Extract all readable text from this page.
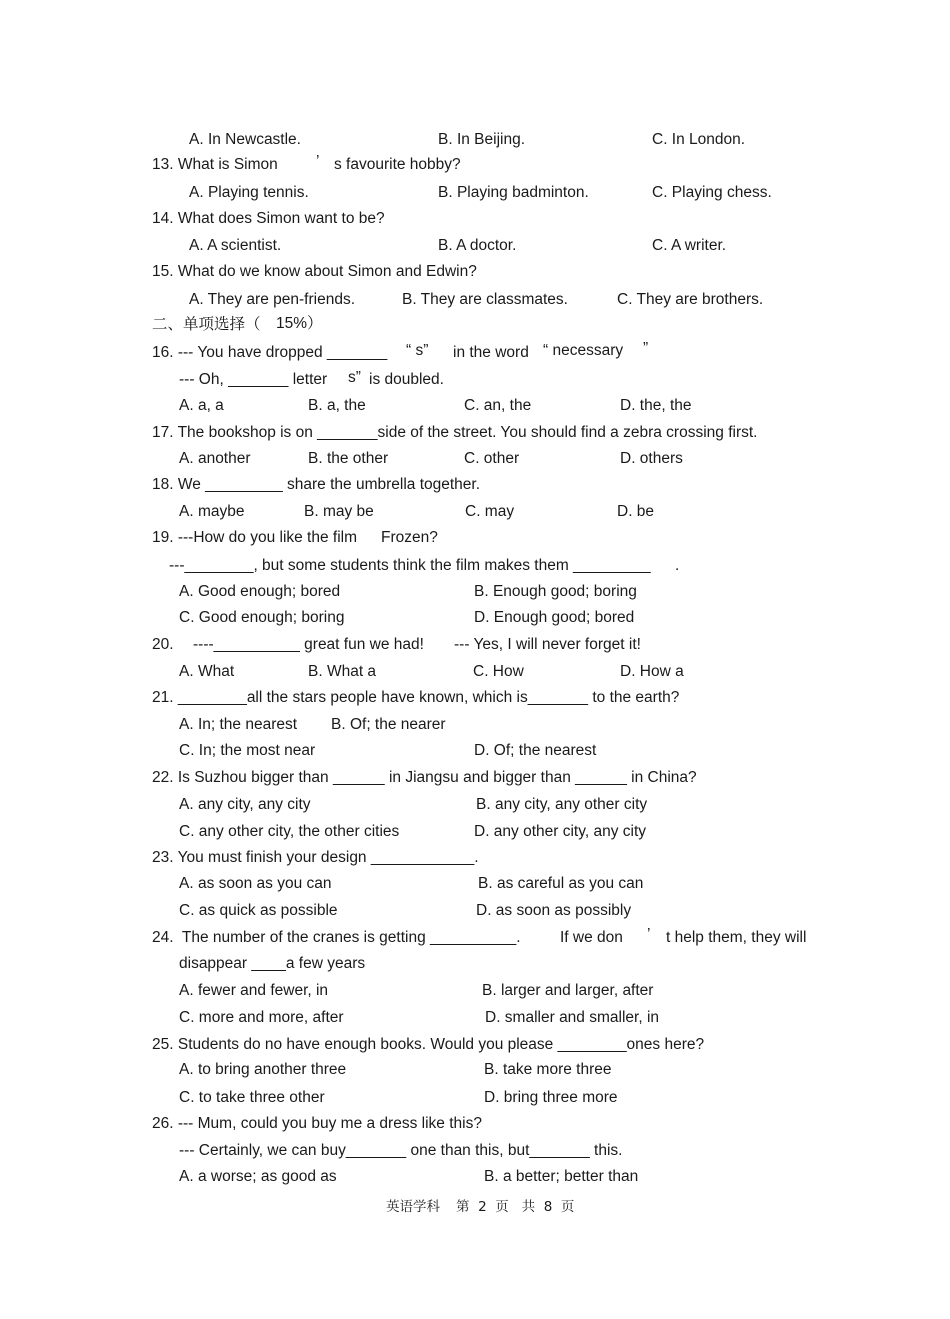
A. In Newcastle.	B. In Beijing.	C. In London.
13. What is Simon ’ s favourite hobby?
A. Playing tennis.	B. Playing badminton.	C. Playing chess.
14. What does Simon want to be?
A. A scientist.	B. A doctor.	C. A writer.
15. What do we know about Simon and Edwin?
A. They are pen-friends.	B. They are classmates.	C. They are brothers.
二、单项选择（ 15%）
16. --- You have dropped _______ “ s” in the word “ necessary ”
--- Oh, _______ letter s” is doubled.
A. a, a	B. a, the	C. an, the	D. the, the
17. The bookshop is on _______side of the street. You should find a zebra crossing first.
A. another	B. the other	C. other	D. others
18. We _________ share the umbrella together.
A. maybe	B. may be	C. may	D. be
19. ---How do you like the film Frozen?
---________, but some students think the film makes them _________ .
A. Good enough; bored	B. Enough good; boring
C. Good enough; boring	D. Enough good; bored
20. ----__________ great fun we had! --- Yes, I will never forget it!
A. What	B. What a	C. How	D. How a
21. ________all the stars people have known, which is_______ to the earth?
A. In; the nearest B. Of; the nearer
C. In; the most near	D. Of; the nearest
22. Is Suzhou bigger than ______ in Jiangsu and bigger than ______ in China?
A. any city, any city	B. any city, any other city
C. any other city, the other cities	D. any other city, any city
23. You must finish your design ____________.
A. as soon as you can	B. as careful as you can
C. as quick as possible	D. as soon as possibly
24.  The number of the cranes is getting __________.	If we don ’ t help them, they will
disappear ____a few years
A. fewer and fewer, in	B. larger and larger, after
C. more and more, after	D. smaller and smaller, in
25. Students do no have enough books. Would you please ________ones here?
A. to bring another three	B. take more three
C. to take three other	D. bring three more
26. --- Mum, could you buy me a dress like this?
--- Certainly, we can buy_______ one than this, but_______ this.
A. a worse; as good as	B. a better; better than
英语学科 第  2  页   共  8  页
